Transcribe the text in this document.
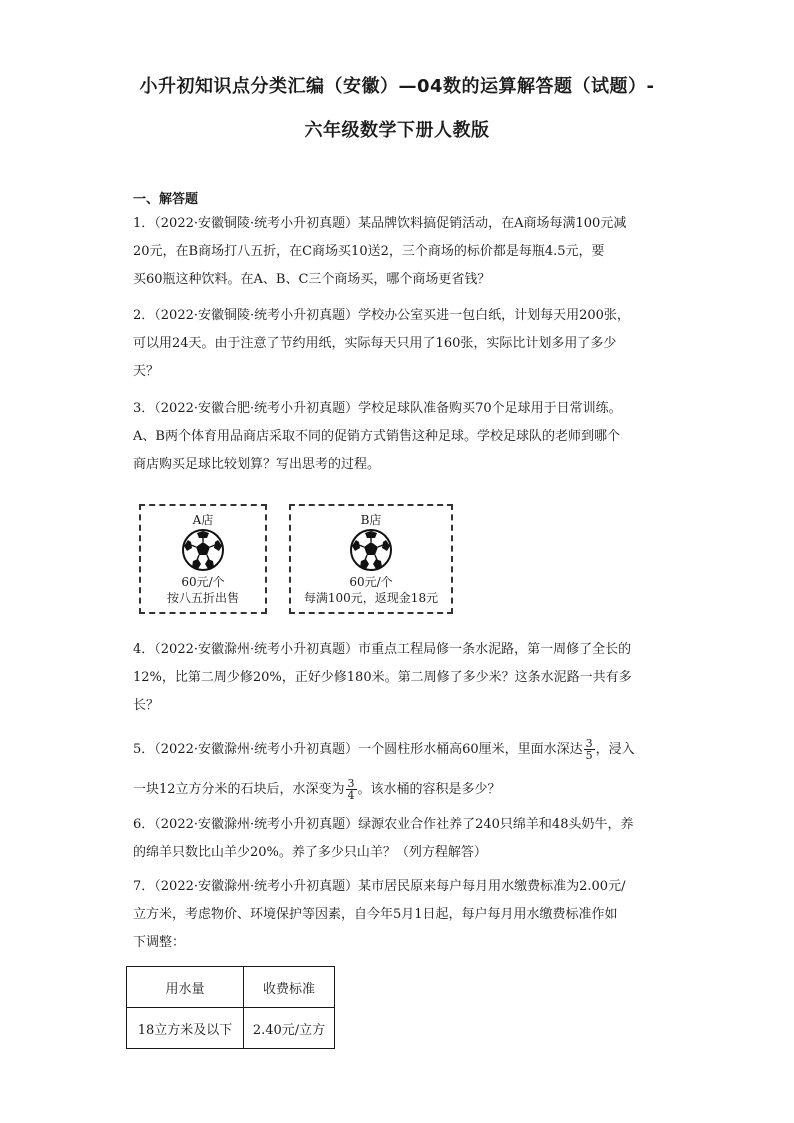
小升初知识点分类汇编（安徽）—04数的运算解答题（试题）-
六年级数学下册人教版
一、解答题
1．（2022·安徽铜陵·统考小升初真题）某品牌饮料搞促销活动，在A商场每满100元减
20元，在B商场打八五折，在C商场买10送2，三个商场的标价都是每瓶4.5元，要
买60瓶这种饮料。在A、B、C三个商场买，哪个商场更省钱？
2．（2022·安徽铜陵·统考小升初真题）学校办公室买进一包白纸，计划每天用200张，
可以用24天。由于注意了节约用纸，实际每天只用了160张，实际比计划多用了多少
天？
3．（2022·安徽合肥·统考小升初真题）学校足球队准备购买70个足球用于日常训练。
A、B两个体育用品商店采取不同的促销方式销售这种足球。学校足球队的老师到哪个
商店购买足球比较划算？写出思考的过程。
A店
60元/个
按八五折出售
B店
60元/个
每满100元，返现金18元
4．（2022·安徽滁州·统考小升初真题）市重点工程局修一条水泥路，第一周修了全长的
12%，比第二周少修20%，正好少修180米。第二周修了多少米？这条水泥路一共有多
长？
5．（2022·安徽滁州·统考小升初真题）一个圆柱形水桶高60厘米，里面水深达 $\frac{3}{5}$ ，浸入
一块12立方分米的石块后，水深变为 $\frac{3}{4}$ 。该水桶的容积是多少？
6．（2022·安徽滁州·统考小升初真题）绿源农业合作社养了240只绵羊和48头奶牛，养
的绵羊只数比山羊少20%。养了多少只山羊？（列方程解答）
7．（2022·安徽滁州·统考小升初真题）某市居民原来每户每月用水缴费标准为2.00元/
立方米，考虑物价、环境保护等因素，自今年5月1日起，每户每月用水缴费标准作如
下调整：
用水量	收费标准
18立方米及以下	2.40元/立方
